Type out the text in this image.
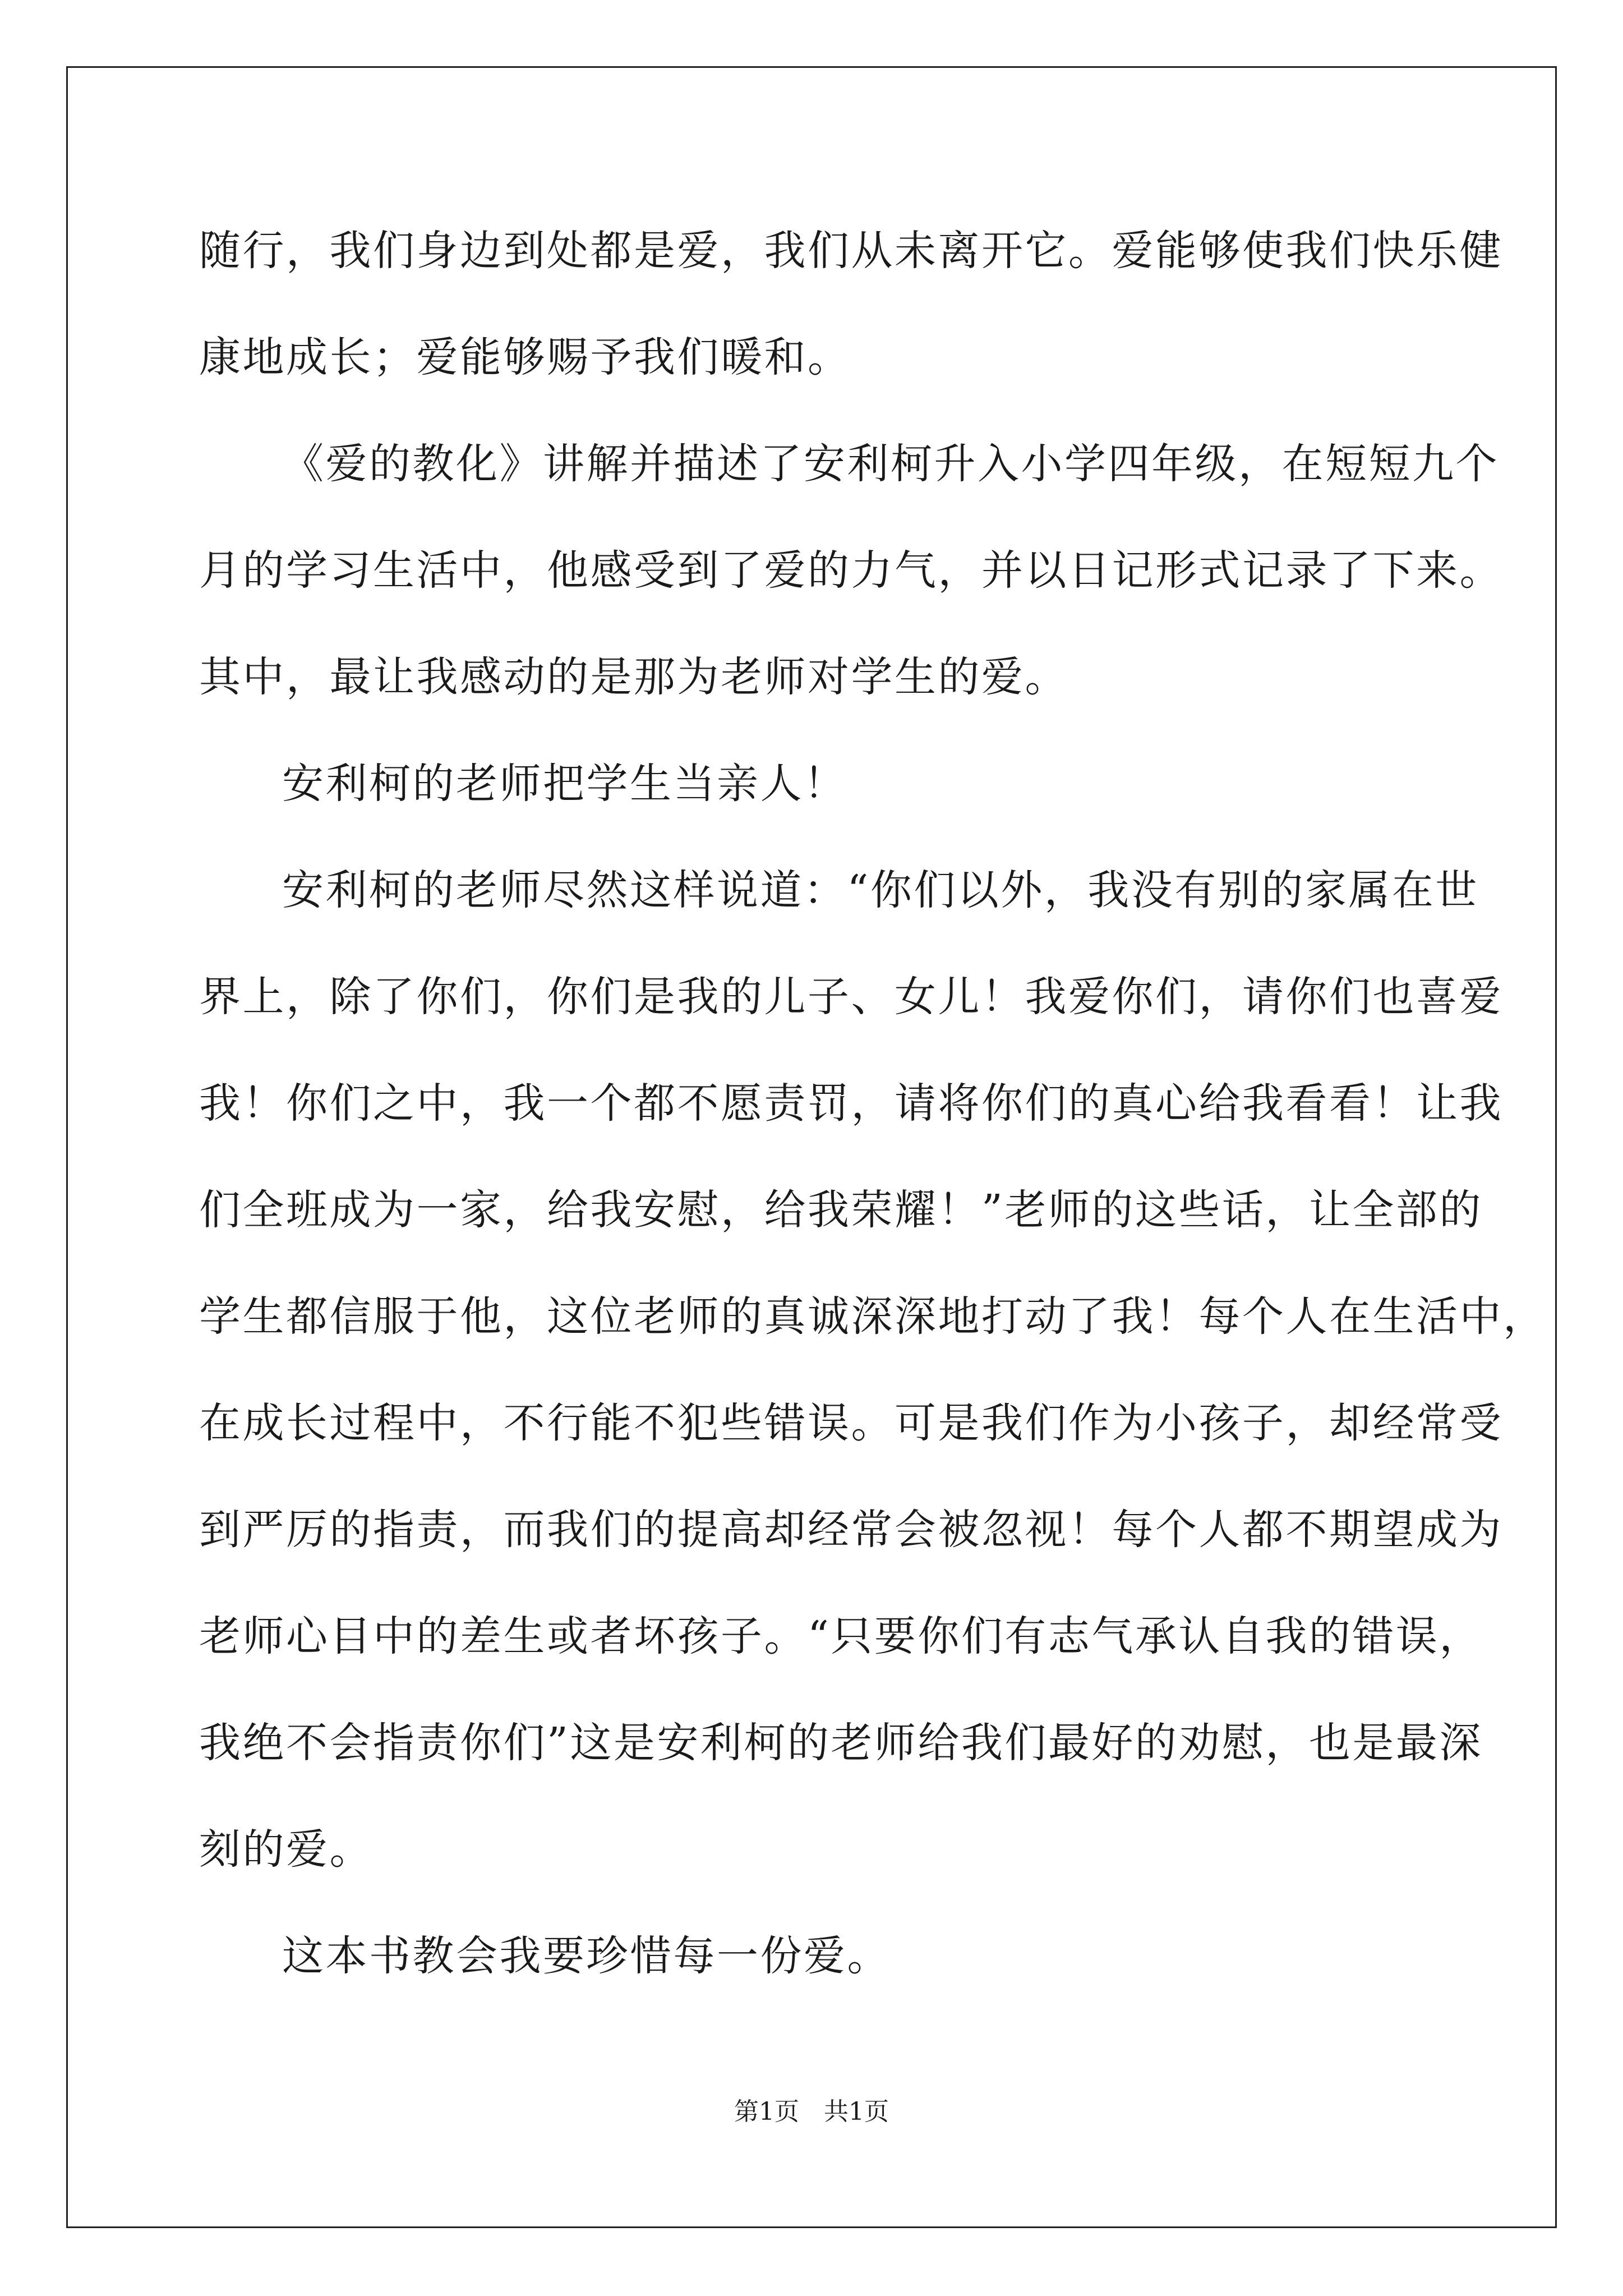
随行，我们身边到处都是爱，我们从未离开它。爱能够使我们快乐健
康地成长；爱能够赐予我们暖和。
《爱的教化》讲解并描述了安利柯升入小学四年级，在短短九个
月的学习生活中，他感受到了爱的力气，并以日记形式记录了下来。
其中，最让我感动的是那为老师对学生的爱。
安利柯的老师把学生当亲人！
安利柯的老师尽然这样说道：“你们以外，我没有别的家属在世
界上，除了你们，你们是我的儿子、女儿！我爱你们，请你们也喜爱
我！你们之中，我一个都不愿责罚，请将你们的真心给我看看！让我
们全班成为一家，给我安慰，给我荣耀！”老师的这些话，让全部的
学生都信服于他，这位老师的真诚深深地打动了我！每个人在生活中，
在成长过程中，不行能不犯些错误。可是我们作为小孩子，却经常受
到严厉的指责，而我们的提高却经常会被忽视！每个人都不期望成为
老师心目中的差生或者坏孩子。“只要你们有志气承认自我的错误，
我绝不会指责你们”这是安利柯的老师给我们最好的劝慰，也是最深
刻的爱。
这本书教会我要珍惜每一份爱。
第1页　共1页
